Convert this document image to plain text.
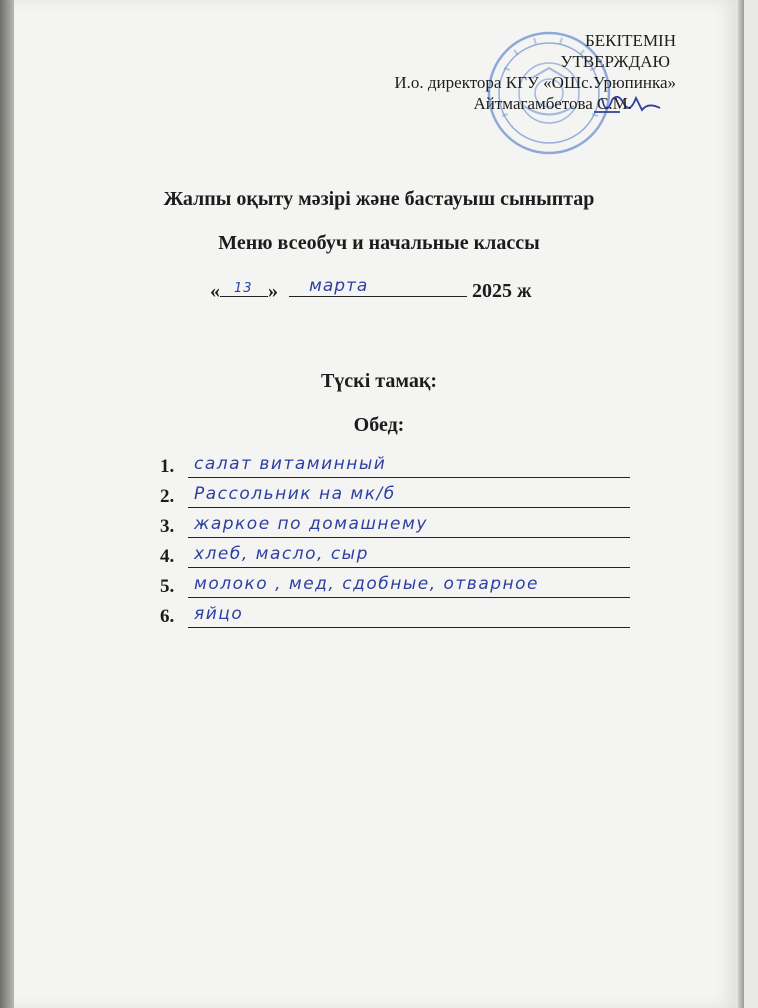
БЕКІТЕМІН
УТВЕРЖДАЮ
И.о. директора КГУ «ОШс.Урюпинка»
Айтмагамбетова С.М.
Жалпы оқыту мәзірі және бастауыш сыныптар
Меню всеобуч и начальные классы
« 13 » марта	2025 ж
Түскі тамақ:
Обед:
1. салат витаминный
2. Рассольник на мк/б
3. жаркое по домашнему
4. хлеб, масло, сыр
5. молоко , мед, сдобные, отварное
6. яйцо
